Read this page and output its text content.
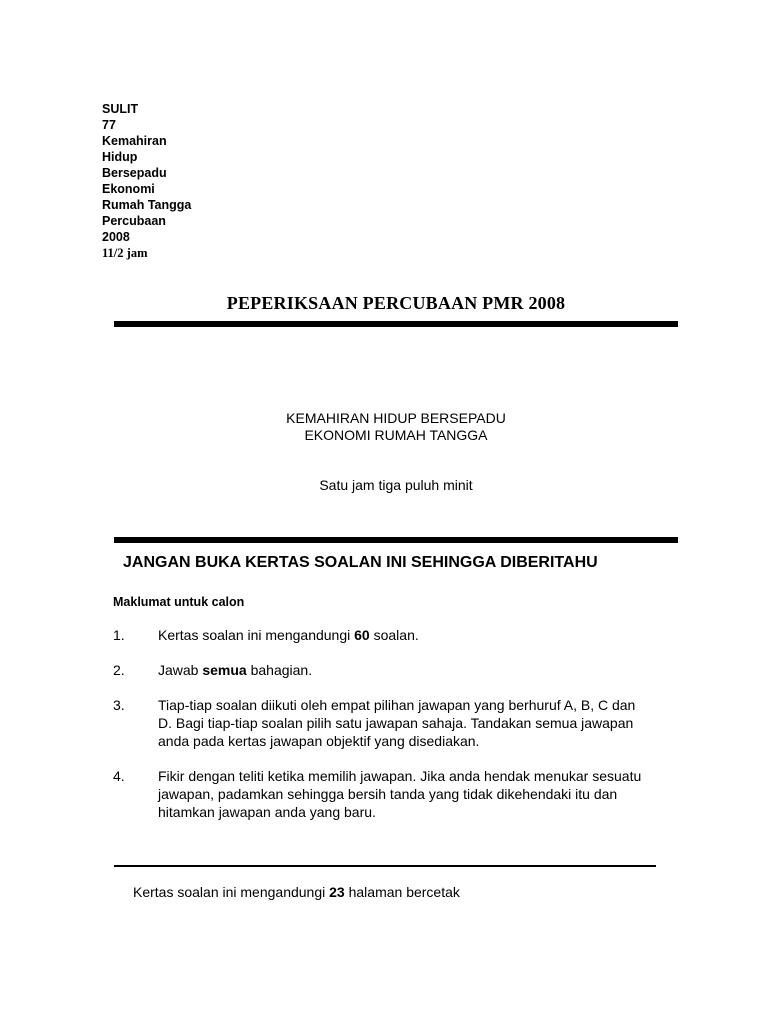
SULIT
77
Kemahiran
Hidup
Bersepadu
Ekonomi
Rumah Tangga
Percubaan
2008
11/2 jam
PEPERIKSAAN PERCUBAAN PMR 2008
KEMAHIRAN HIDUP BERSEPADU
EKONOMI RUMAH TANGGA
Satu jam tiga puluh minit
JANGAN BUKA KERTAS SOALAN INI SEHINGGA DIBERITAHU
Maklumat untuk calon
1. Kertas soalan ini mengandungi 60 soalan.
2. Jawab semua bahagian.
3. Tiap-tiap soalan diikuti oleh empat pilihan jawapan yang berhuruf A, B, C dan D. Bagi tiap-tiap soalan pilih satu jawapan sahaja. Tandakan semua jawapan anda pada kertas jawapan objektif yang disediakan.
4. Fikir dengan teliti ketika memilih jawapan. Jika anda hendak menukar sesuatu jawapan, padamkan sehingga bersih tanda yang tidak dikehendaki itu dan hitamkan jawapan anda yang baru.
Kertas soalan ini mengandungi 23 halaman bercetak
